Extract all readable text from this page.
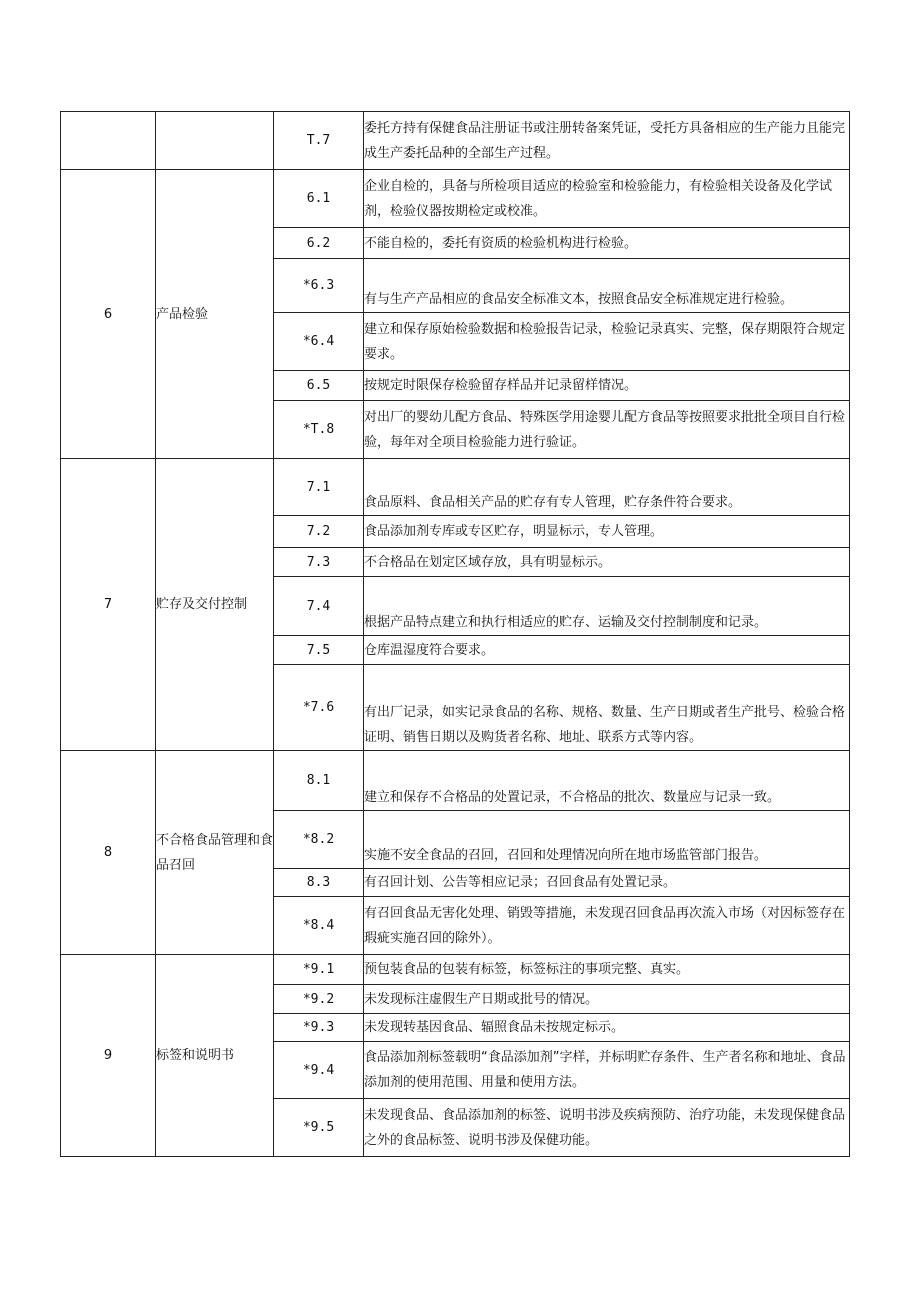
		T.7	委托方持有保健食品注册证书或注册转备案凭证，受托方具备相应的生产能力且能完成生产委托品种的全部生产过程。
6	产品检验	6.1	企业自检的，具备与所检项目适应的检验室和检验能力，有检验相关设备及化学试剂，检验仪器按期检定或校准。
		6.2	不能自检的，委托有资质的检验机构进行检验。
		*6.3	有与生产产品相应的食品安全标准文本，按照食品安全标准规定进行检验。
		*6.4	建立和保存原始检验数据和检验报告记录，检验记录真实、完整，保存期限符合规定要求。
		6.5	按规定时限保存检验留存样品并记录留样情况。
		*T.8	对出厂的婴幼儿配方食品、特殊医学用途婴儿配方食品等按照要求批批全项目自行检验，每年对全项目检验能力进行验证。
7	贮存及交付控制	7.1	食品原料、食品相关产品的贮存有专人管理，贮存条件符合要求。
		7.2	食品添加剂专库或专区贮存，明显标示，专人管理。
		7.3	不合格品在划定区域存放，具有明显标示。
		7.4	根据产品特点建立和执行相适应的贮存、运输及交付控制制度和记录。
		7.5	仓库温湿度符合要求。
		*7.6	有出厂记录，如实记录食品的名称、规格、数量、生产日期或者生产批号、检验合格证明、销售日期以及购货者名称、地址、联系方式等内容。
8	不合格食品管理和食品召回	8.1	建立和保存不合格品的处置记录，不合格品的批次、数量应与记录一致。
		*8.2	实施不安全食品的召回，召回和处理情况向所在地市场监管部门报告。
		8.3	有召回计划、公告等相应记录；召回食品有处置记录。
		*8.4	有召回食品无害化处理、销毁等措施，未发现召回食品再次流入市场（对因标签存在瑕疵实施召回的除外）。
9	标签和说明书	*9.1	预包装食品的包装有标签，标签标注的事项完整、真实。
		*9.2	未发现标注虚假生产日期或批号的情况。
		*9.3	未发现转基因食品、辐照食品未按规定标示。
		*9.4	食品添加剂标签载明“食品添加剂”字样，并标明贮存条件、生产者名称和地址、食品添加剂的使用范围、用量和使用方法。
		*9.5	未发现食品、食品添加剂的标签、说明书涉及疾病预防、治疗功能，未发现保健食品之外的食品标签、说明书涉及保健功能。
